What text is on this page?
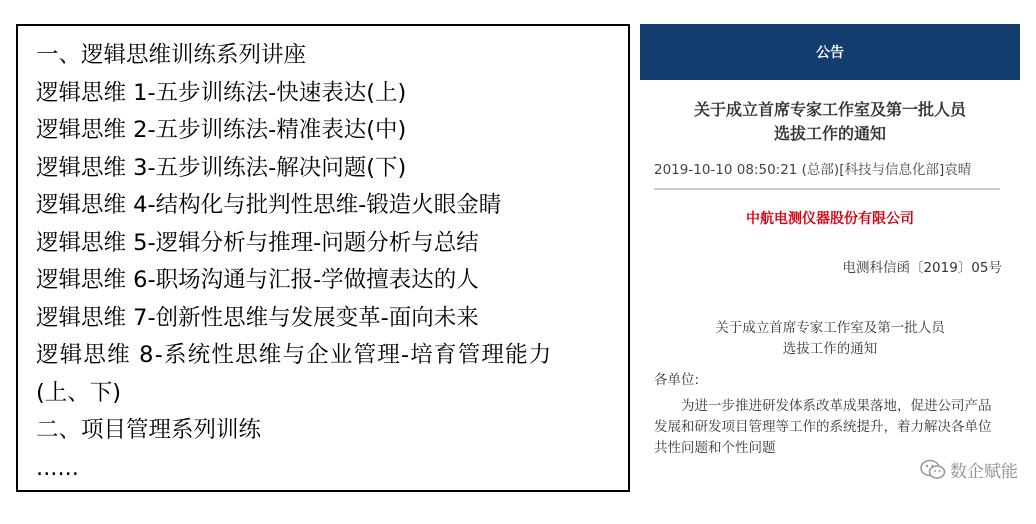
一、逻辑思维训练系列讲座
逻辑思维 1-五步训练法-快速表达(上)
逻辑思维 2-五步训练法-精准表达(中)
逻辑思维 3-五步训练法-解决问题(下)
逻辑思维 4-结构化与批判性思维-锻造火眼金睛
逻辑思维 5-逻辑分析与推理-问题分析与总结
逻辑思维 6-职场沟通与汇报-学做擅表达的人
逻辑思维 7-创新性思维与发展变革-面向未来
逻辑思维 8-系统性思维与企业管理-培育管理能力
(上、下)
二、项目管理系列训练
......
公告
关于成立首席专家工作室及第一批人员
选拔工作的通知
2019-10-10 08:50:21 (总部)[科技与信息化部]袁晴
中航电测仪器股份有限公司
电测科信函〔2019〕05号
关于成立首席专家工作室及第一批人员
选拔工作的通知
各单位:
为进一步推进研发体系改革成果落地，促进公司产品发展和研发项目管理等工作的系统提升，着力解决各单位共性问题和个性问题
数企赋能
